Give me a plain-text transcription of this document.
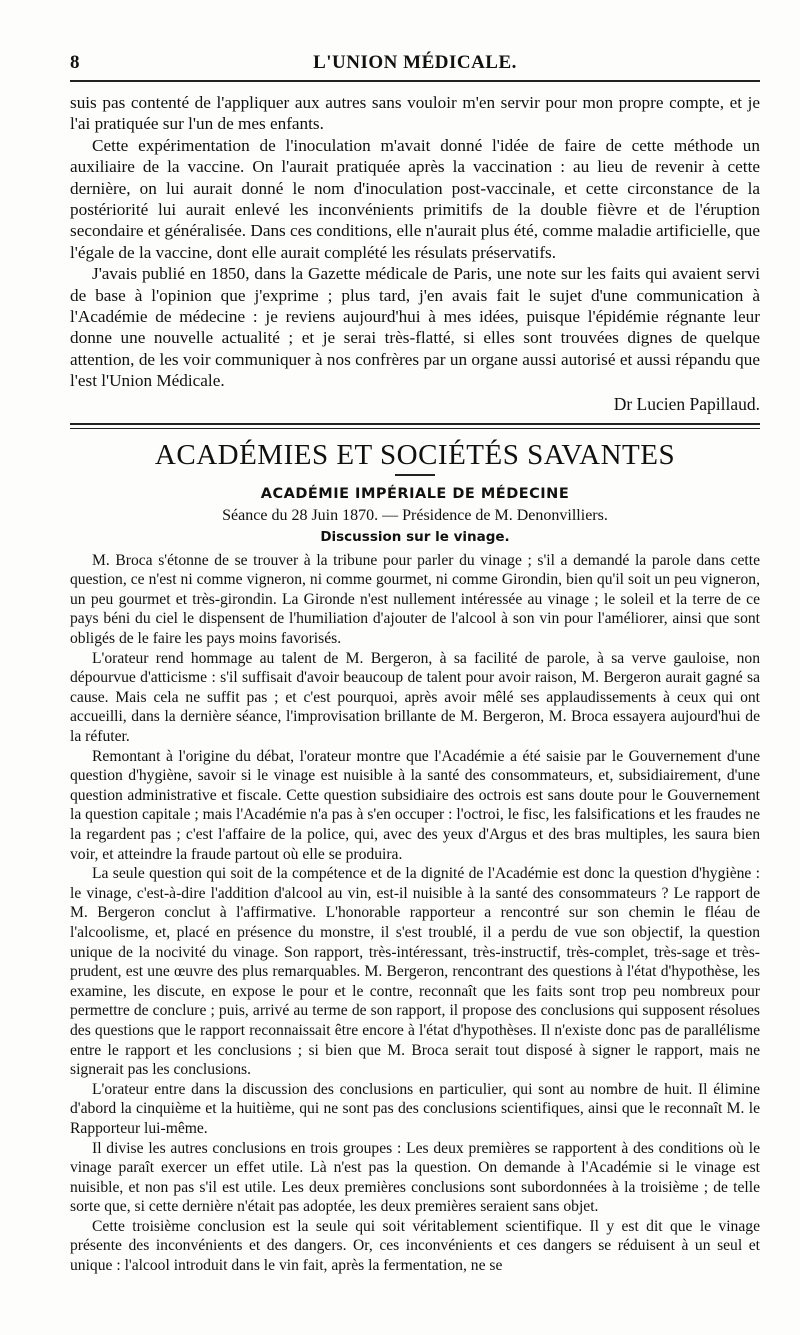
8	L'UNION MÉDICALE.

suis pas contenté de l'appliquer aux autres sans vouloir m'en servir pour mon propre compte, et je l'ai pratiquée sur l'un de mes enfants.

Cette expérimentation de l'inoculation m'avait donné l'idée de faire de cette méthode un auxiliaire de la vaccine. On l'aurait pratiquée après la vaccination : au lieu de revenir à cette dernière, on lui aurait donné le nom d'inoculation post-vaccinale, et cette circonstance de la postériorité lui aurait enlevé les inconvénients primitifs de la double fièvre et de l'éruption secondaire et généralisée. Dans ces conditions, elle n'aurait plus été, comme maladie artificielle, que l'égale de la vaccine, dont elle aurait complété les résulats préservatifs.

J'avais publié en 1850, dans la Gazette médicale de Paris, une note sur les faits qui avaient servi de base à l'opinion que j'exprime ; plus tard, j'en avais fait le sujet d'une communication à l'Académie de médecine : je reviens aujourd'hui à mes idées, puisque l'épidémie régnante leur donne une nouvelle actualité ; et je serai très-flatté, si elles sont trouvées dignes de quelque attention, de les voir communiquer à nos confrères par un organe aussi autorisé et aussi répandu que l'est l'Union Médicale.

Dr Lucien Papillaud.
ACADÉMIES ET SOCIÉTÉS SAVANTES
ACADÉMIE IMPÉRIALE DE MÉDECINE
Séance du 28 Juin 1870. — Présidence de M. Denonvilliers.
Discussion sur le vinage.

M. Broca s'étonne de se trouver à la tribune pour parler du vinage ; s'il a demandé la parole dans cette question, ce n'est ni comme vigneron, ni comme gourmet, ni comme Girondin, bien qu'il soit un peu vigneron, un peu gourmet et très-girondin. La Gironde n'est nullement intéressée au vinage ; le soleil et la terre de ce pays béni du ciel le dispensent de l'humiliation d'ajouter de l'alcool à son vin pour l'améliorer, ainsi que sont obligés de le faire les pays moins favorisés.

L'orateur rend hommage au talent de M. Bergeron, à sa facilité de parole, à sa verve gauloise, non dépourvue d'atticisme : s'il suffisait d'avoir beaucoup de talent pour avoir raison, M. Bergeron aurait gagné sa cause. Mais cela ne suffit pas ; et c'est pourquoi, après avoir mêlé ses applaudissements à ceux qui ont accueilli, dans la dernière séance, l'improvisation brillante de M. Bergeron, M. Broca essayera aujourd'hui de la réfuter.

Remontant à l'origine du débat, l'orateur montre que l'Académie a été saisie par le Gouvernement d'une question d'hygiène, savoir si le vinage est nuisible à la santé des consommateurs, et, subsidiairement, d'une question administrative et fiscale. Cette question subsidiaire des octrois est sans doute pour le Gouvernement la question capitale ; mais l'Académie n'a pas à s'en occuper : l'octroi, le fisc, les falsifications et les fraudes ne la regardent pas ; c'est l'affaire de la police, qui, avec des yeux d'Argus et des bras multiples, les saura bien voir, et atteindre la fraude partout où elle se produira.

La seule question qui soit de la compétence et de la dignité de l'Académie est donc la question d'hygiène : le vinage, c'est-à-dire l'addition d'alcool au vin, est-il nuisible à la santé des consommateurs ? Le rapport de M. Bergeron conclut à l'affirmative. L'honorable rapporteur a rencontré sur son chemin le fléau de l'alcoolisme, et, placé en présence du monstre, il s'est troublé, il a perdu de vue son objectif, la question unique de la nocivité du vinage. Son rapport, très-intéressant, très-instructif, très-complet, très-sage et très-prudent, est une œuvre des plus remarquables. M. Bergeron, rencontrant des questions à l'état d'hypothèse, les examine, les discute, en expose le pour et le contre, reconnaît que les faits sont trop peu nombreux pour permettre de conclure ; puis, arrivé au terme de son rapport, il propose des conclusions qui supposent résolues des questions que le rapport reconnaissait être encore à l'état d'hypothèses. Il n'existe donc pas de parallélisme entre le rapport et les conclusions ; si bien que M. Broca serait tout disposé à signer le rapport, mais ne signerait pas les conclusions.

L'orateur entre dans la discussion des conclusions en particulier, qui sont au nombre de huit. Il élimine d'abord la cinquième et la huitième, qui ne sont pas des conclusions scientifiques, ainsi que le reconnaît M. le Rapporteur lui-même.

Il divise les autres conclusions en trois groupes : Les deux premières se rapportent à des conditions où le vinage paraît exercer un effet utile. Là n'est pas la question. On demande à l'Académie si le vinage est nuisible, et non pas s'il est utile. Les deux premières conclusions sont subordonnées à la troisième ; de telle sorte que, si cette dernière n'était pas adoptée, les deux premières seraient sans objet.

Cette troisième conclusion est la seule qui soit véritablement scientifique. Il y est dit que le vinage présente des inconvénients et des dangers. Or, ces inconvénients et ces dangers se réduisent à un seul et unique : l'alcool introduit dans le vin fait, après la fermentation, ne se
